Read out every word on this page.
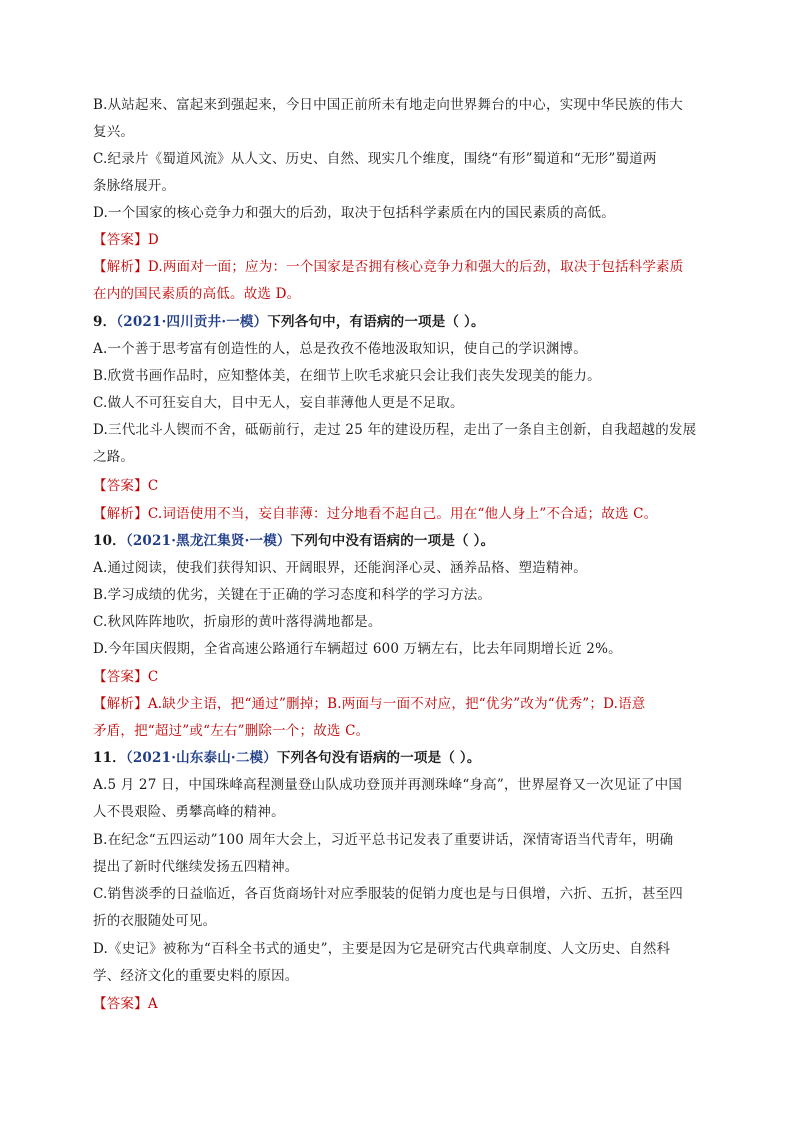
B.从站起来、富起来到强起来，今日中国正前所未有地走向世界舞台的中心，实现中华民族的伟大
复兴。
C.纪录片《蜀道风流》从人文、历史、自然、现实几个维度，围绕“有形”蜀道和“无形”蜀道两
条脉络展开。
D.一个国家的核心竞争力和强大的后劲，取决于包括科学素质在内的国民素质的高低。
【答案】D
【解析】D.两面对一面；应为：一个国家是否拥有核心竞争力和强大的后劲，取决于包括科学素质
在内的国民素质的高低。故选 D。
9．（2021·四川贡井·一模）下列各句中，有语病的一项是（ ）。
A.一个善于思考富有创造性的人，总是孜孜不倦地汲取知识，使自己的学识渊博。
B.欣赏书画作品时，应知整体美，在细节上吹毛求疵只会让我们丧失发现美的能力。
C.做人不可狂妄自大，目中无人，妄自菲薄他人更是不足取。
D.三代北斗人锲而不舍，砥砺前行，走过 25 年的建设历程，走出了一条自主创新，自我超越的发展
之路。
【答案】C
【解析】C.词语使用不当，妄自菲薄：过分地看不起自己。用在“他人身上”不合适；故选 C。
10．（2021·黑龙江集贤·一模）下列句中没有语病的一项是（ ）。
A.通过阅读，使我们获得知识、开阔眼界，还能润泽心灵、涵养品格、塑造精神。
B.学习成绩的优劣，关键在于正确的学习态度和科学的学习方法。
C.秋风阵阵地吹，折扇形的黄叶落得满地都是。
D.今年国庆假期，全省高速公路通行车辆超过 600 万辆左右，比去年同期增长近 2%。
【答案】C
【解析】A.缺少主语，把“通过”删掉；B.两面与一面不对应，把“优劣”改为“优秀”；D.语意
矛盾，把“超过”或“左右”删除一个；故选 C。
11．（2021·山东泰山·二模）下列各句没有语病的一项是（ ）。
A.5 月 27 日，中国珠峰高程测量登山队成功登顶并再测珠峰“身高”，世界屋脊又一次见证了中国
人不畏艰险、勇攀高峰的精神。
B.在纪念“五四运动”100 周年大会上，习近平总书记发表了重要讲话，深情寄语当代青年，明确
提出了新时代继续发扬五四精神。
C.销售淡季的日益临近，各百货商场针对应季服装的促销力度也是与日俱增，六折、五折，甚至四
折的衣服随处可见。
D.《史记》被称为“百科全书式的通史”，主要是因为它是研究古代典章制度、人文历史、自然科
学、经济文化的重要史料的原因。
【答案】A
